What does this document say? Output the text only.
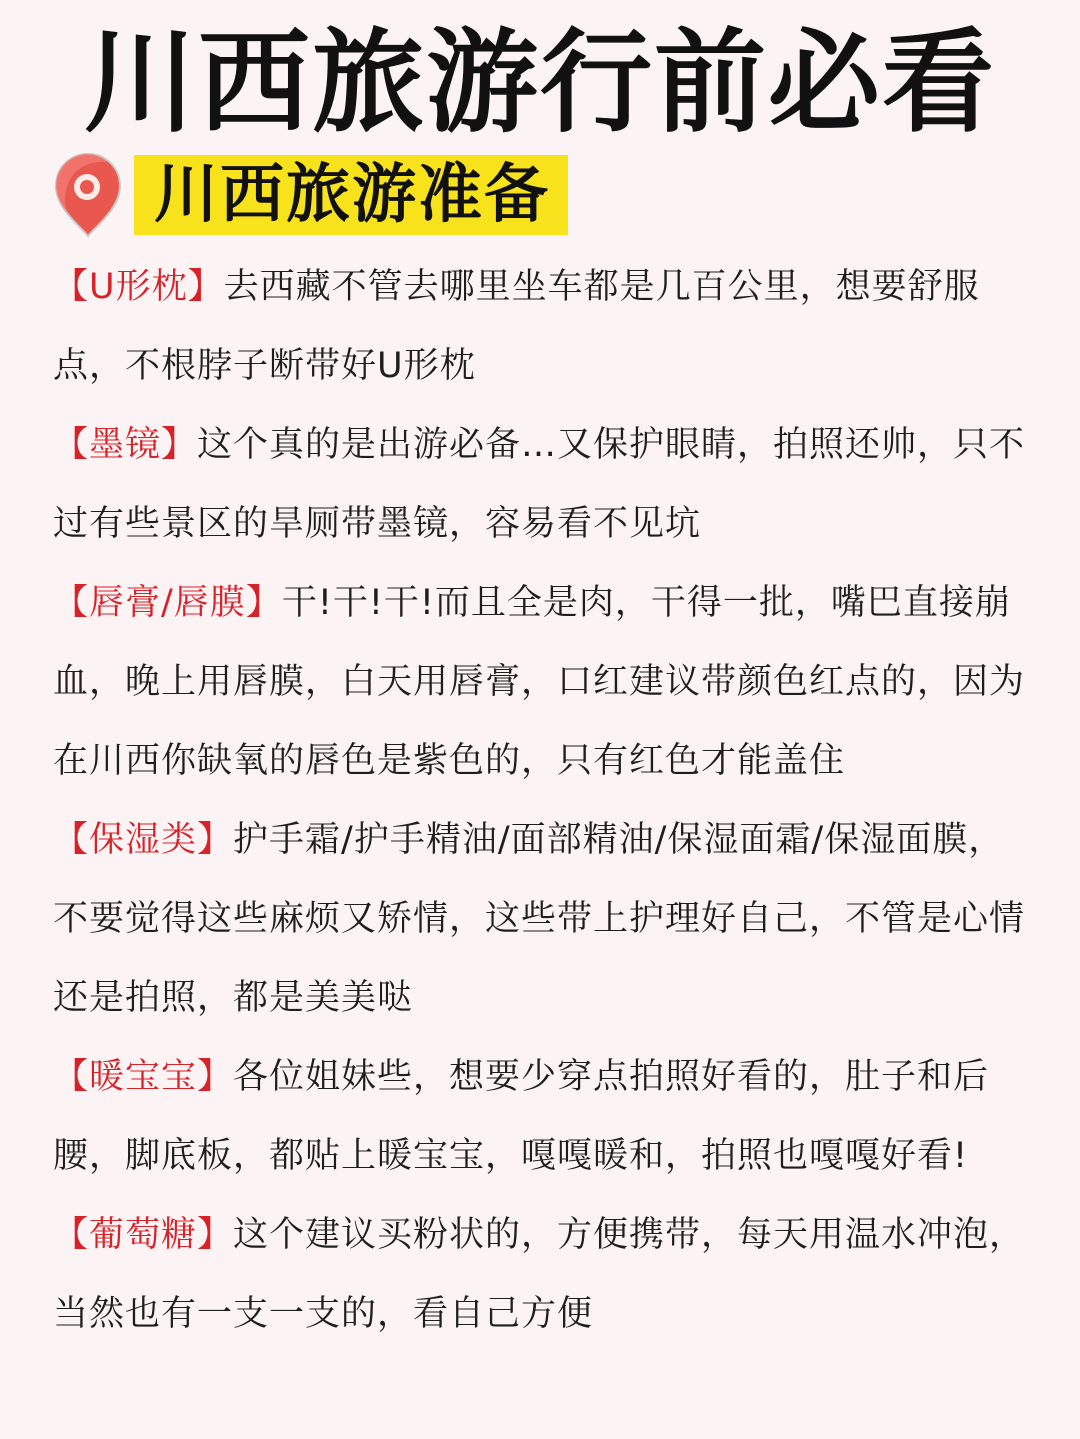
川西旅游行前必看
川西旅游准备

【U形枕】去西藏不管去哪里坐车都是几百公里，想要舒服点，不根脖子断带好U形枕

【墨镜】这个真的是出游必备…又保护眼睛，拍照还帅，只不过有些景区的旱厕带墨镜，容易看不见坑

【唇膏/唇膜】干!干!干!而且全是肉，干得一批，嘴巴直接崩血，晚上用唇膜，白天用唇膏，口红建议带颜色红点的，因为在川西你缺氧的唇色是紫色的，只有红色才能盖住

【保湿类】护手霜/护手精油/面部精油/保湿面霜/保湿面膜，不要觉得这些麻烦又矫情，这些带上护理好自己，不管是心情还是拍照，都是美美哒

【暖宝宝】各位姐妹些，想要少穿点拍照好看的，肚子和后腰，脚底板，都贴上暖宝宝，嘎嘎暖和，拍照也嘎嘎好看!

【葡萄糖】这个建议买粉状的，方便携带，每天用温水冲泡，当然也有一支一支的，看自己方便
